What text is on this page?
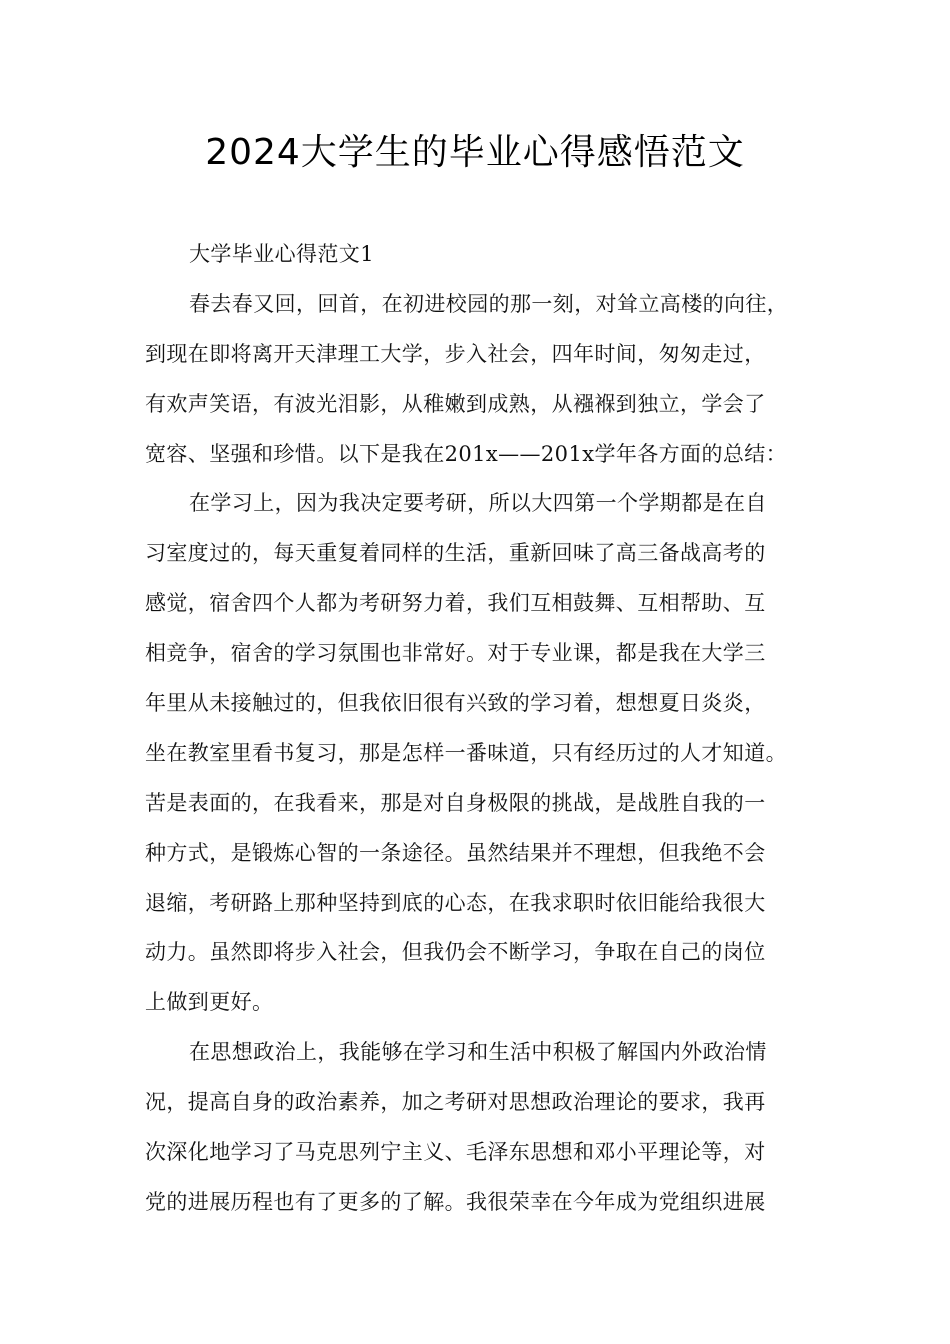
2024大学生的毕业心得感悟范文
大学毕业心得范文1
春去春又回，回首，在初进校园的那一刻，对耸立高楼的向往，
到现在即将离开天津理工大学，步入社会，四年时间，匆匆走过，
有欢声笑语，有波光泪影，从稚嫩到成熟，从襁褓到独立，学会了
宽容、坚强和珍惜。以下是我在201x——201x学年各方面的总结：
在学习上，因为我决定要考研，所以大四第一个学期都是在自
习室度过的，每天重复着同样的生活，重新回味了高三备战高考的
感觉，宿舍四个人都为考研努力着，我们互相鼓舞、互相帮助、互
相竞争，宿舍的学习氛围也非常好。对于专业课，都是我在大学三
年里从未接触过的，但我依旧很有兴致的学习着，想想夏日炎炎，
坐在教室里看书复习，那是怎样一番味道，只有经历过的人才知道。
苦是表面的，在我看来，那是对自身极限的挑战，是战胜自我的一
种方式，是锻炼心智的一条途径。虽然结果并不理想，但我绝不会
退缩，考研路上那种坚持到底的心态，在我求职时依旧能给我很大
动力。虽然即将步入社会，但我仍会不断学习，争取在自己的岗位
上做到更好。
在思想政治上，我能够在学习和生活中积极了解国内外政治情
况，提高自身的政治素养，加之考研对思想政治理论的要求，我再
次深化地学习了马克思列宁主义、毛泽东思想和邓小平理论等，对
党的进展历程也有了更多的了解。我很荣幸在今年成为党组织进展
